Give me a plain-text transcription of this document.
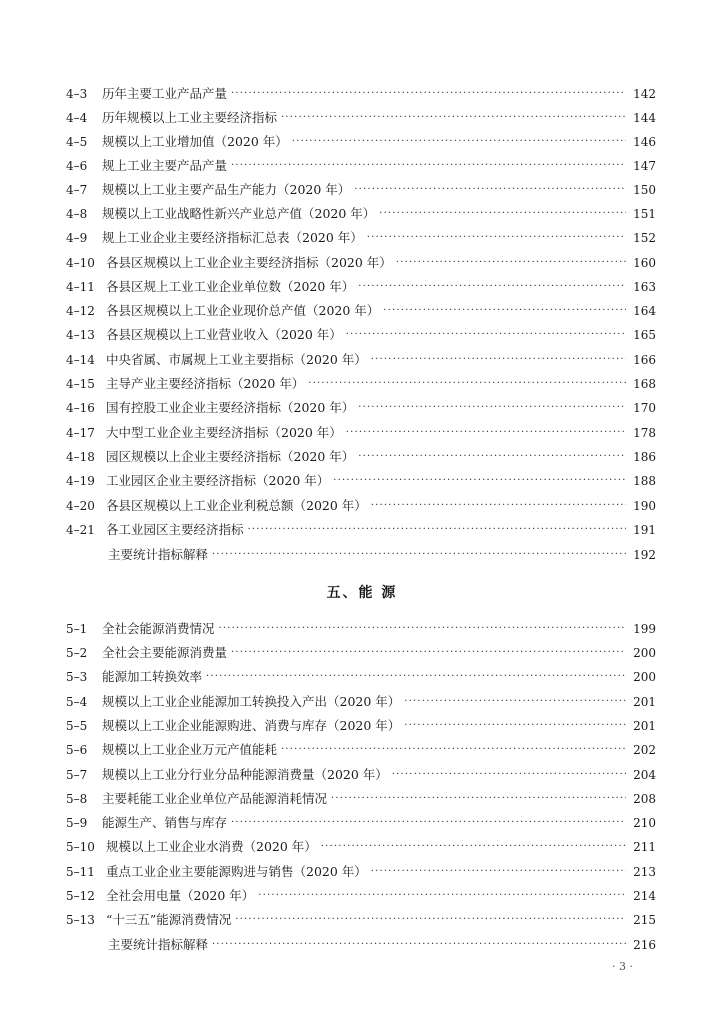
4–3	历年主要工业产品产量 ·····	142
4–4	历年规模以上工业主要经济指标 ·····	144
4–5	规模以上工业增加值（2020 年） ·····	146
4–6	规上工业主要产品产量 ·····	147
4–7	规模以上工业主要产品生产能力（2020 年） ·····	150
4–8	规模以上工业战略性新兴产业总产值（2020 年） ·····	151
4–9	规上工业企业主要经济指标汇总表（2020 年） ·····	152
4–10 各县区规模以上工业企业主要经济指标（2020 年） ·····	160
4–11 各县区规上工业工业企业单位数（2020 年） ·····	163
4–12 各县区规模以上工业企业现价总产值（2020 年） ·····	164
4–13 各县区规模以上工业营业收入（2020 年） ·····	165
4–14 中央省属、市属规上工业主要指标（2020 年） ·····	166
4–15 主导产业主要经济指标（2020 年） ·····	168
4–16 国有控股工业企业主要经济指标（2020 年） ·····	170
4–17 大中型工业企业主要经济指标（2020 年） ·····	178
4–18 园区规模以上企业主要经济指标（2020 年） ·····	186
4–19 工业园区企业主要经济指标（2020 年） ·····	188
4–20 各县区规模以上工业企业利税总额（2020 年） ·····	190
4–21 各工业园区主要经济指标 ·····	191
主要统计指标解释 ·····	192
五、能 源
5–1	全社会能源消费情况 ·····	199
5–2	全社会主要能源消费量 ·····	200
5–3	能源加工转换效率 ·····	200
5–4	规模以上工业企业能源加工转换投入产出（2020 年） ·····	201
5–5	规模以上工业企业能源购进、消费与库存（2020 年） ·····	201
5–6	规模以上工业企业万元产值能耗 ·····	202
5–7	规模以上工业分行业分品种能源消费量（2020 年） ·····	204
5–8	主要耗能工业企业单位产品能源消耗情况 ·····	208
5–9	能源生产、销售与库存 ·····	210
5–10 规模以上工业企业水消费（2020 年） ·····	211
5–11 重点工业企业主要能源购进与销售（2020 年） ·····	213
5–12 全社会用电量（2020 年） ·····	214
5–13 “十三五”能源消费情况 ·····	215
主要统计指标解释 ·····	216
· 3 ·
